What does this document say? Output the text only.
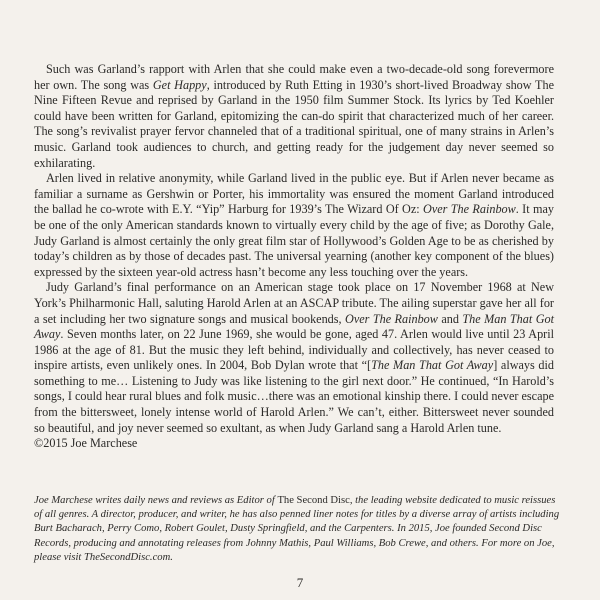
Such was Garland’s rapport with Arlen that she could make even a two-decade-old song forevermore her own. The song was Get Happy, introduced by Ruth Etting in 1930’s short-lived Broadway show The Nine Fifteen Revue and reprised by Garland in the 1950 film Summer Stock. Its lyrics by Ted Koehler could have been written for Garland, epitomizing the can-do spirit that characterized much of her career. The song’s revivalist prayer fervor channeled that of a traditional spiritual, one of many strains in Arlen’s music. Garland took audiences to church, and getting ready for the judgement day never seemed so exhilarating.

Arlen lived in relative anonymity, while Garland lived in the public eye. But if Arlen never became as familiar a surname as Gershwin or Porter, his immortality was ensured the moment Garland introduced the ballad he co-wrote with E.Y. “Yip” Harburg for 1939’s The Wizard Of Oz: Over The Rainbow. It may be one of the only American standards known to virtually every child by the age of five; as Dorothy Gale, Judy Garland is almost certainly the only great film star of Hollywood’s Golden Age to be as cherished by today’s children as by those of decades past. The universal yearning (another key component of the blues) expressed by the sixteen year-old actress hasn’t become any less touching over the years.

Judy Garland’s final performance on an American stage took place on 17 November 1968 at New York’s Philharmonic Hall, saluting Harold Arlen at an ASCAP tribute. The ailing superstar gave her all for a set including her two signature songs and musical bookends, Over The Rainbow and The Man That Got Away. Seven months later, on 22 June 1969, she would be gone, aged 47. Arlen would live until 23 April 1986 at the age of 81. But the music they left behind, individually and collectively, has never ceased to inspire artists, even unlikely ones. In 2004, Bob Dylan wrote that “[The Man That Got Away] always did something to me… Listening to Judy was like listening to the girl next door.” He continued, “In Harold’s songs, I could hear rural blues and folk music…there was an emotional kinship there. I could never escape from the bittersweet, lonely intense world of Harold Arlen.” We can’t, either. Bittersweet never sounded so beautiful, and joy never seemed so exultant, as when Judy Garland sang a Harold Arlen tune.

©2015 Joe Marchese

Joe Marchese writes daily news and reviews as Editor of The Second Disc, the leading website dedicated to music reissues of all genres. A director, producer, and writer, he has also penned liner notes for titles by a diverse array of artists including Burt Bacharach, Perry Como, Robert Goulet, Dusty Springfield, and the Carpenters. In 2015, Joe founded Second Disc Records, producing and annotating releases from Johnny Mathis, Paul Williams, Bob Crewe, and others. For more on Joe, please visit TheSecondDisc.com.

7
